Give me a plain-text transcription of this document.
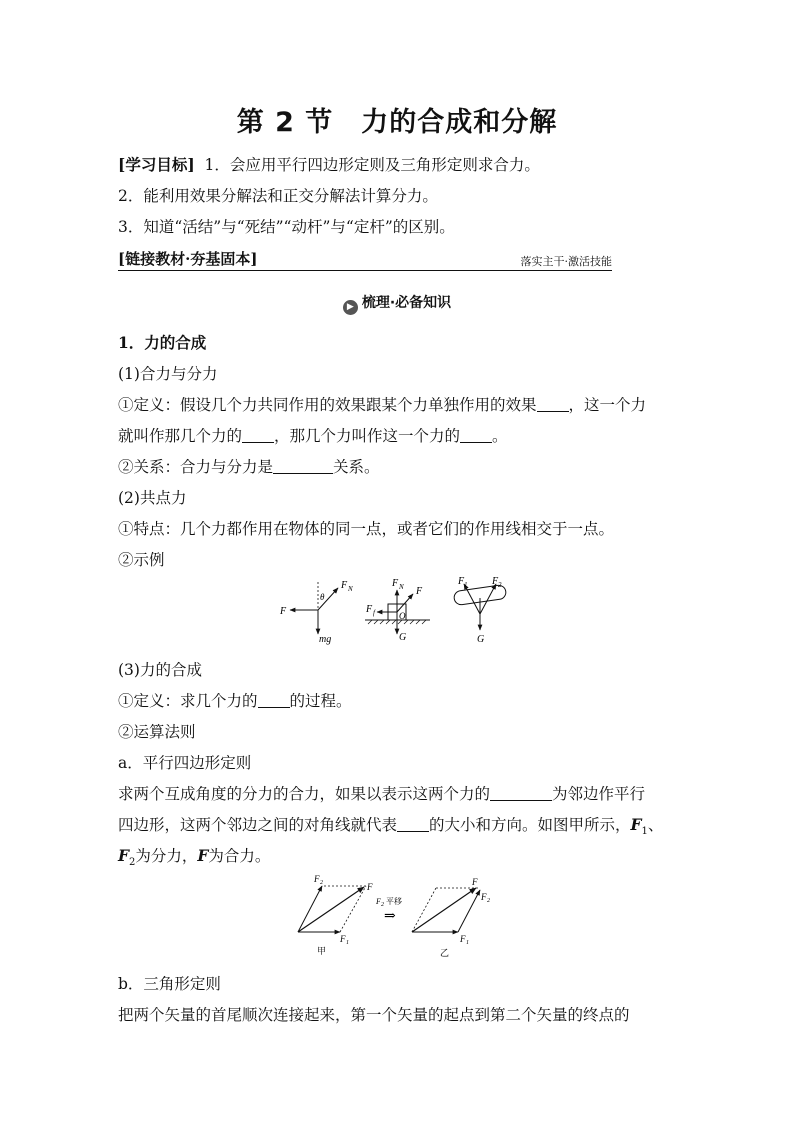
第 2 节 力的合成和分解
[学习目标] 1．会应用平行四边形定则及三角形定则求合力。
2．能利用效果分解法和正交分解法计算分力。
3．知道“活结”与“死结”“动杆”与“定杆”的区别。
[链接教材·夯基固本]	落实主干·激活技能
▶ 梳理·必备知识
1．力的合成
(1)合力与分力
①定义：假设几个力共同作用的效果跟某个力单独作用的效果 ，这一个力
就叫作那几个力的 ，那几个力叫作这一个力的 。
②关系：合力与分力是	关系。
(2)共点力
①特点：几个力都作用在物体的同一点，或者它们的作用线相交于一点。
②示例
F
F N
θ
mg
F N F
F f	O
G
F 1 F 2
G
(3)力的合成
①定义：求几个力的 的过程。
②运算法则
a．平行四边形定则
求两个互成角度的分力的合力，如果以表示这两个力的	为邻边作平行
四边形，这两个邻边之间的对角线就代表 的大小和方向。如图甲所示，$F_1$、
$F_2$为分力，F为合力。
F 2	F
F 1
甲
F 2 平移
⇒
F
F 2
F 1
乙
b．三角形定则
把两个矢量的首尾顺次连接起来，第一个矢量的起点到第二个矢量的终点的
